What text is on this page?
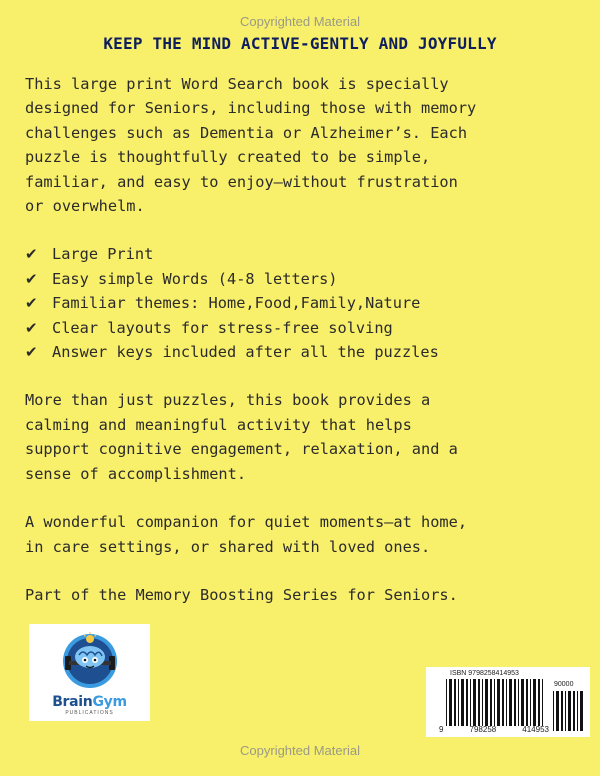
Copyrighted Material
KEEP THE MIND ACTIVE-GENTLY AND JOYFULLY

This large print Word Search book is specially
designed for Seniors, including those with memory
challenges such as Dementia or Alzheimer’s. Each
puzzle is thoughtfully created to be simple,
familiar, and easy to enjoy—without frustration
or overwhelm.

✔ Large Print
✔ Easy simple Words (4-8 letters)
✔ Familiar themes: Home,Food,Family,Nature
✔ Clear layouts for stress-free solving
✔ Answer keys included after all the puzzles

More than just puzzles, this book provides a
calming and meaningful activity that helps
support cognitive engagement, relaxation, and a
sense of accomplishment.

A wonderful companion for quiet moments—at home,
in care settings, or shared with loved ones.

Part of the Memory Boosting Series for Seniors.

BrainGym
PUBLICATIONS
ISBN 9798258414953
90000
9	798258	414953
Copyrighted Material
